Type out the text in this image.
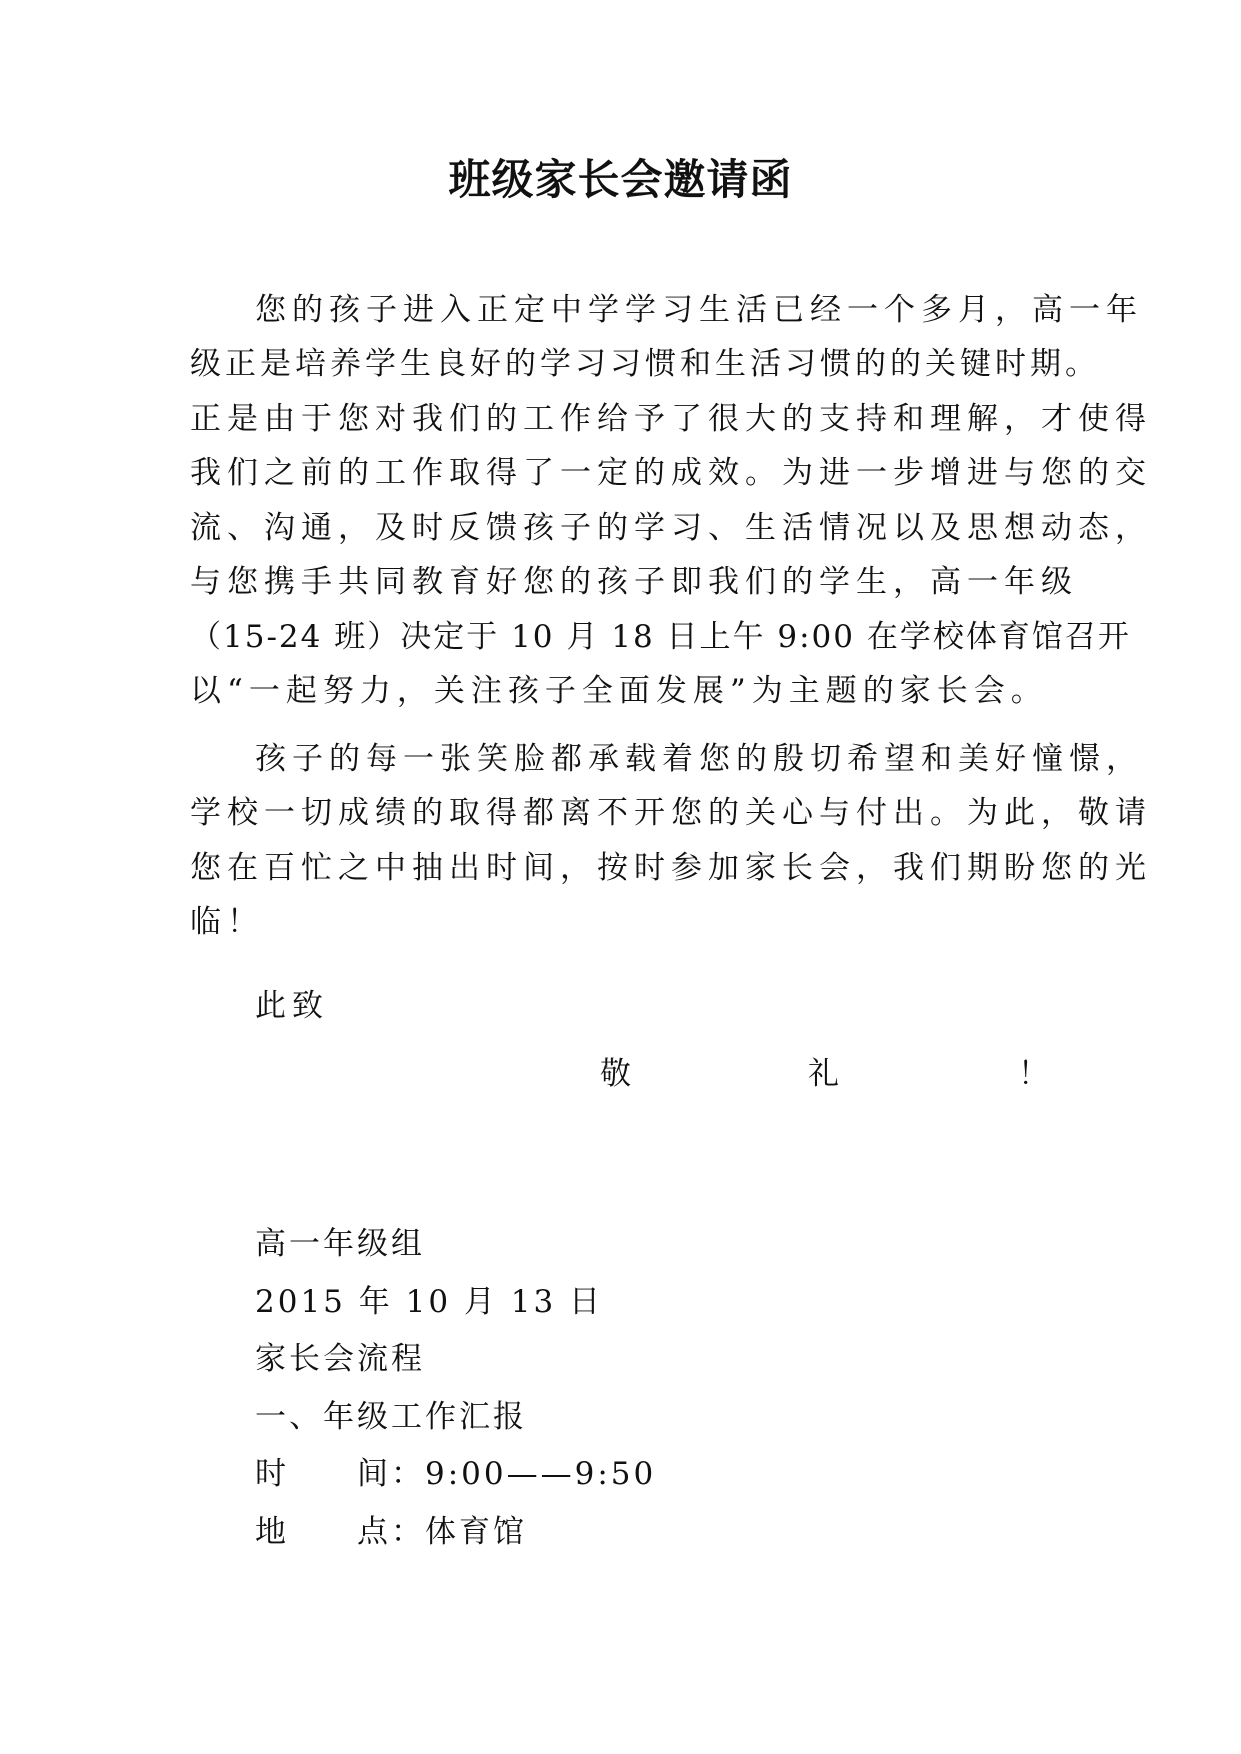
班级家长会邀请函
您的孩子进入正定中学学习生活已经一个多月，高一年
级正是培养学生良好的学习习惯和生活习惯的的关键时期。
正是由于您对我们的工作给予了很大的支持和理解，才使得
我们之前的工作取得了一定的成效。为进一步增进与您的交
流、沟通，及时反馈孩子的学习、生活情况以及思想动态，
与您携手共同教育好您的孩子即我们的学生，高一年级
（15-24 班）决定于 10 月 18 日上午 9:00 在学校体育馆召开
以“一起努力，关注孩子全面发展”为主题的家长会。
孩子的每一张笑脸都承载着您的殷切希望和美好憧憬，
学校一切成绩的取得都离不开您的关心与付出。为此，敬请
您在百忙之中抽出时间，按时参加家长会，我们期盼您的光
临！
此致
敬	礼	！
高一年级组
2015 年 10 月 13 日
家长会流程
一、年级工作汇报
时　　间：9:00——9:50
地　　点：体育馆
